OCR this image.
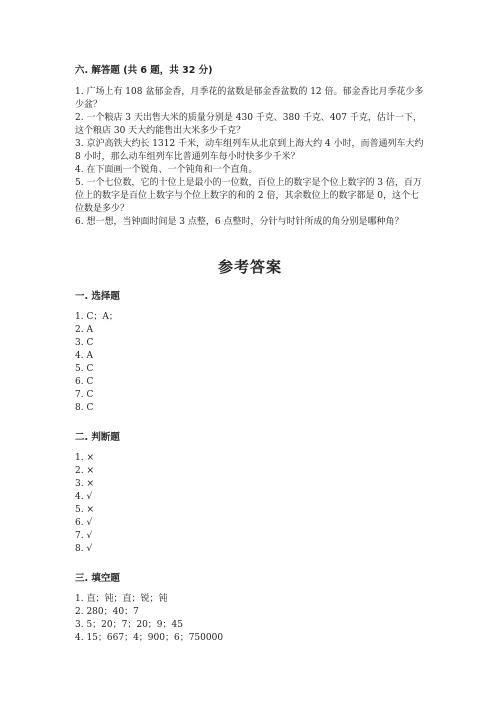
六. 解答题 (共 6 题，共 32 分)
1. 广场上有 108 盆郁金香，月季花的盆数是郁金香盆数的 12 倍。郁金香比月季花少多少盆？
2. 一个粮店 3 天出售大米的质量分别是 430 千克、380 千克、407 千克，估计一下，这个粮店 30 天大约能售出大米多少千克？
3. 京沪高铁大约长 1312 千米，动车组列车从北京到上海大约 4 小时，而普通列车大约 8 小时，那么动车组列车比普通列车每小时快多少千米？
4. 在下面画一个锐角、一个钝角和一个直角。
5. 一个七位数，它的十位上是最小的一位数，百位上的数字是个位上数字的 3 倍，百万位上的数字是百位上数字与个位上数字的和的 2 倍，其余数位上的数字都是 0，这个七位数是多少？
6. 想一想，当钟面时间是 3 点整，6 点整时，分针与时针所成的角分别是哪种角？
参考答案
一. 选择题
1. C；A；
2. A
3. C
4. A
5. C
6. C
7. C
8. C
二. 判断题
1. ×
2. ×
3. ×
4. √
5. ×
6. √
7. √
8. √
三. 填空题
1. 直；钝；直；锐；钝
2. 280；40；7
3. 5；20；7；20；9；45
4. 15；667；4；900；6；750000
